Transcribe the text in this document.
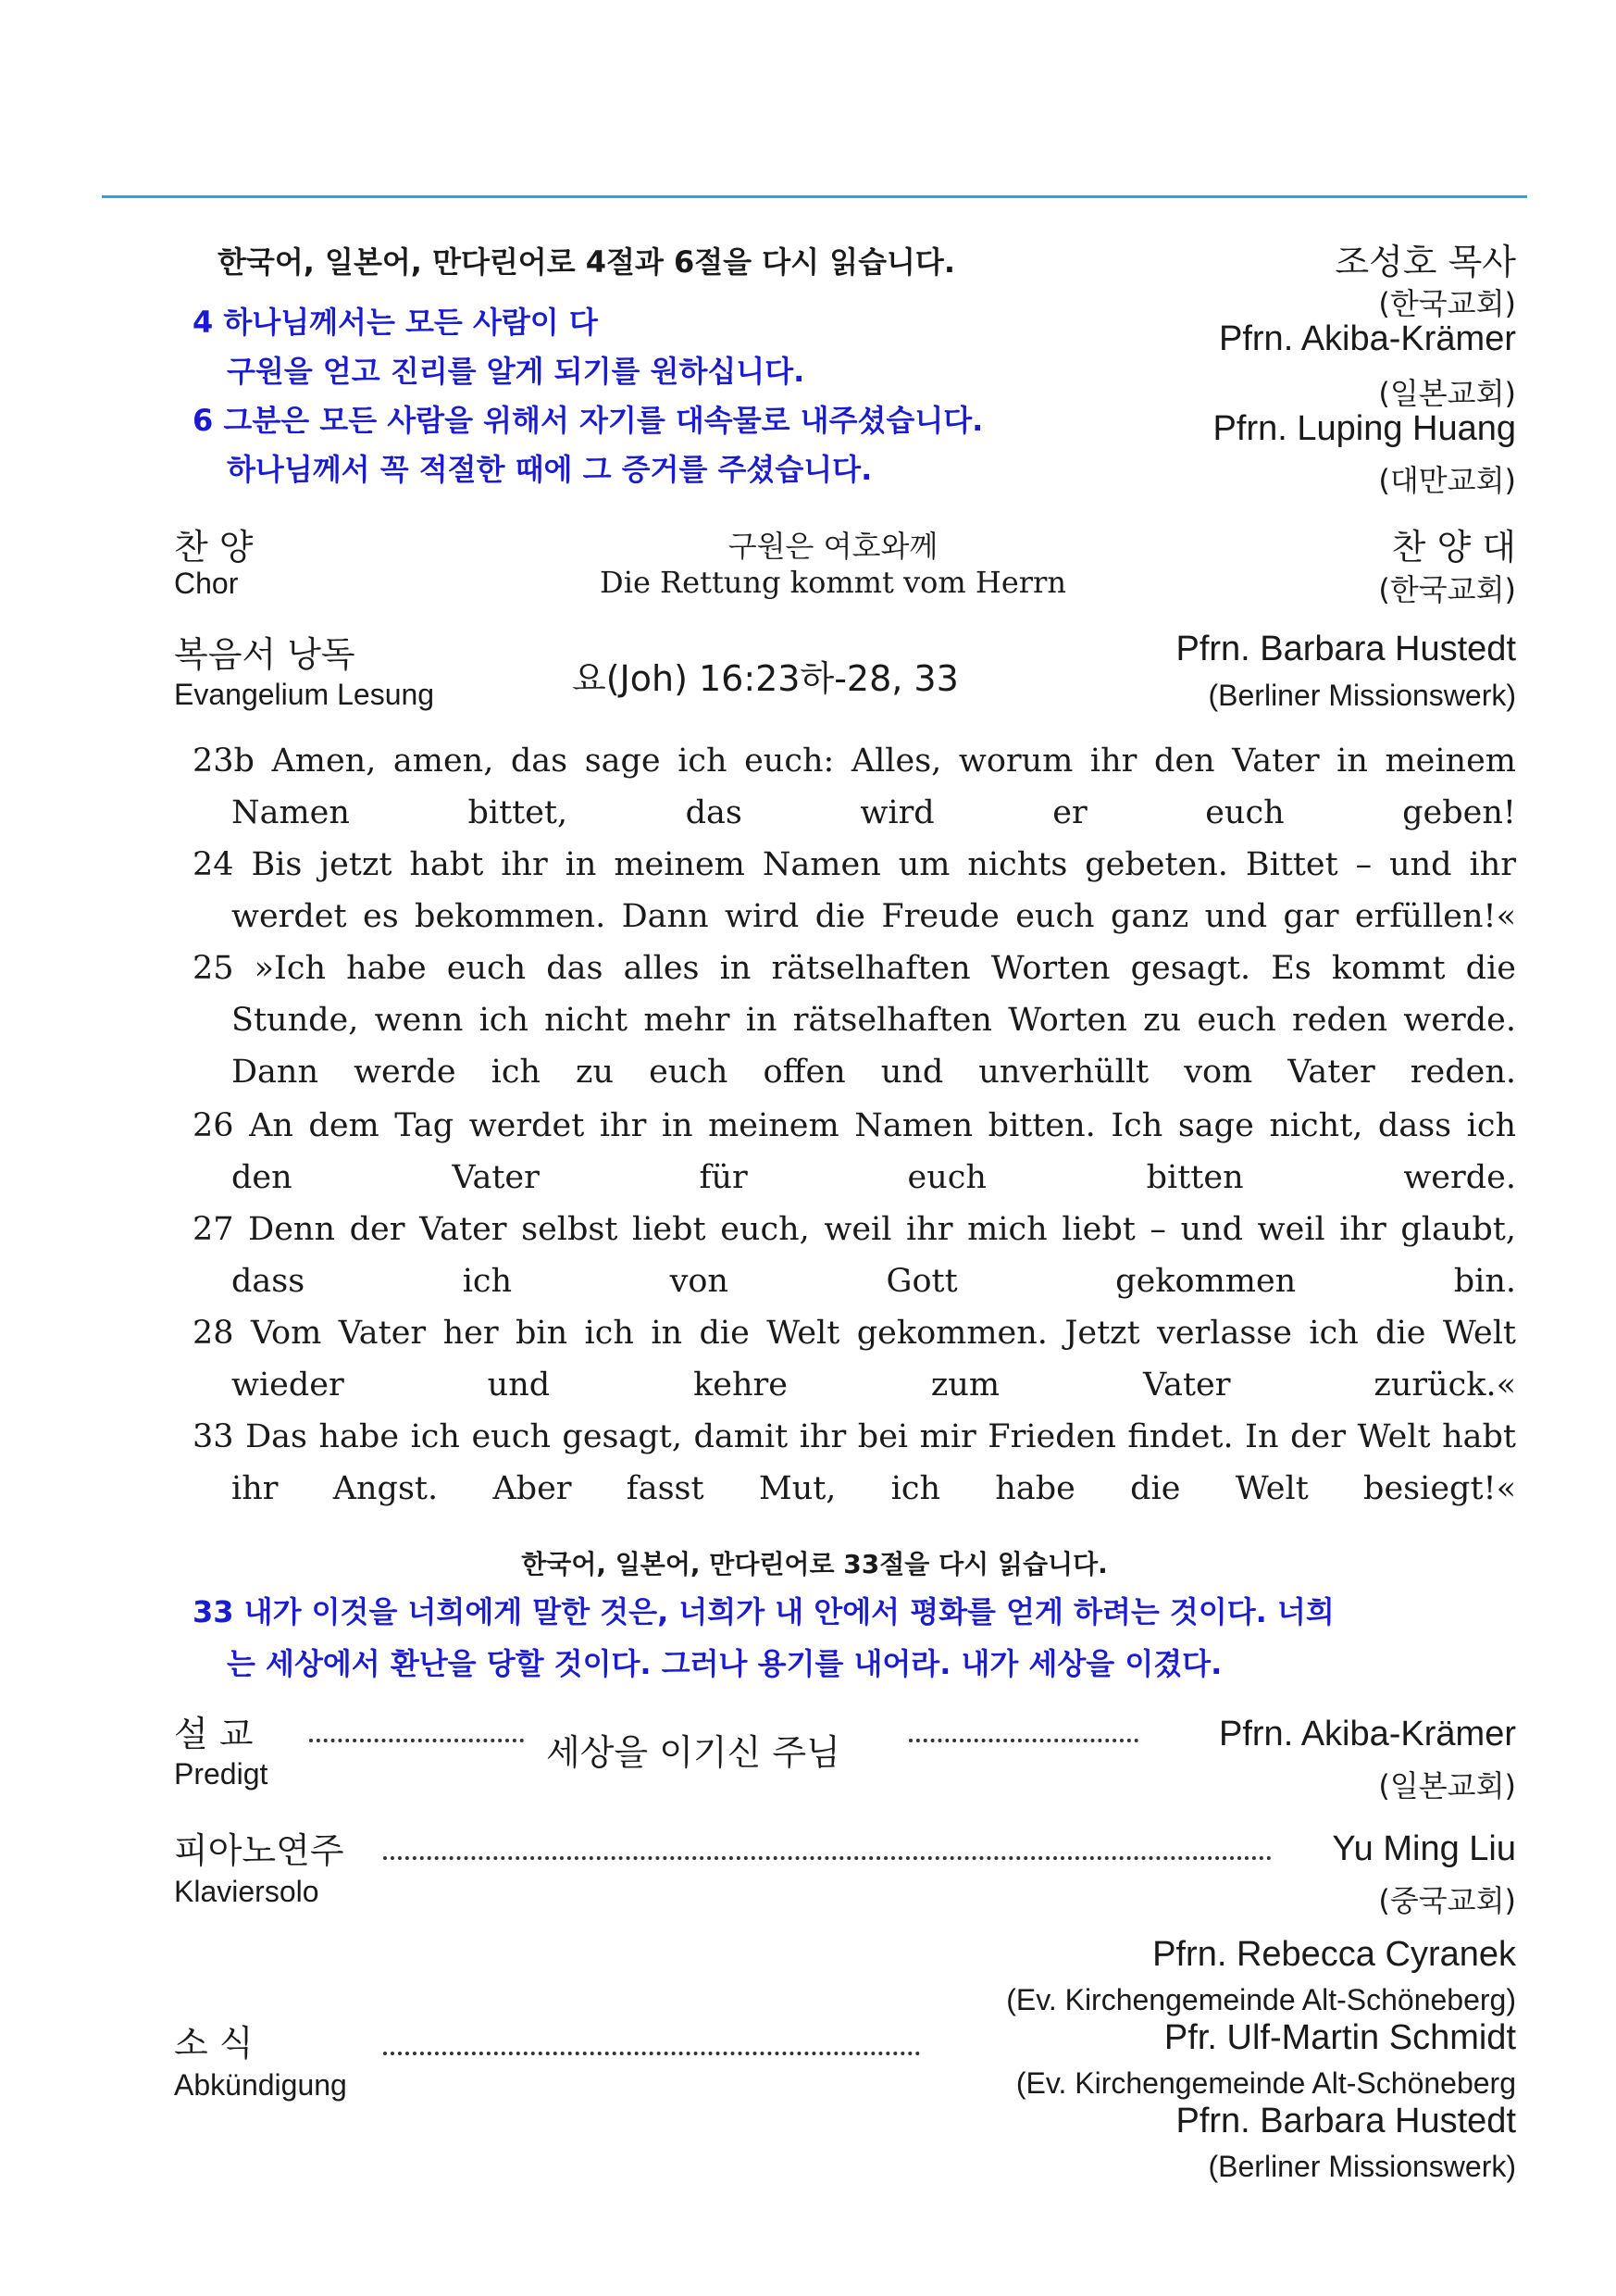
한국어, 일본어, 만다린어로 4절과 6절을 다시 읽습니다.
4 하나님께서는 모든 사람이 다
구원을 얻고 진리를 알게 되기를 원하십니다.
6 그분은 모든 사람을 위해서 자기를 대속물로 내주셨습니다.
하나님께서 꼭 적절한 때에 그 증거를 주셨습니다.
조성호 목사
(한국교회)
Pfrn. Akiba-Krämer
(일본교회)
Pfrn. Luping Huang
(대만교회)
찬 양
Chor
구원은 여호와께
Die Rettung kommt vom Herrn
찬 양 대
(한국교회)
복음서 낭독
Evangelium Lesung	요(Joh) 16:23하-28, 33
Pfrn. Barbara Hustedt
(Berliner Missionswerk)
23b Amen, amen, das sage ich euch: Alles, worum ihr den Vater in meinem Namen bittet, das wird er euch geben!
24 Bis jetzt habt ihr in meinem Namen um nichts gebeten. Bittet – und ihr werdet es bekommen. Dann wird die Freude euch ganz und gar erfüllen!«
25 »Ich habe euch das alles in rätselhaften Worten gesagt. Es kommt die Stunde, wenn ich nicht mehr in rätselhaften Worten zu euch reden werde. Dann werde ich zu euch offen und unverhüllt vom Vater reden.
26 An dem Tag werdet ihr in meinem Namen bitten. Ich sage nicht, dass ich den Vater für euch bitten werde.
27 Denn der Vater selbst liebt euch, weil ihr mich liebt – und weil ihr glaubt, dass ich von Gott gekommen bin.
28 Vom Vater her bin ich in die Welt gekommen. Jetzt verlasse ich die Welt wieder und kehre zum Vater zurück.«
33 Das habe ich euch gesagt, damit ihr bei mir Frieden findet. In der Welt habt ihr Angst. Aber fasst Mut, ich habe die Welt besiegt!«
한국어, 일본어, 만다린어로 33절을 다시 읽습니다.
33 내가 이것을 너희에게 말한 것은, 너희가 내 안에서 평화를 얻게 하려는 것이다. 너희
는 세상에서 환난을 당할 것이다. 그러나 용기를 내어라. 내가 세상을 이겼다.
설 교
Predigt
세상을 이기신 주님	Pfrn. Akiba-Krämer
(일본교회)
피아노연주
Klaviersolo
Yu Ming Liu
(중국교회)
소 식
Abkündigung
Pfrn. Rebecca Cyranek
(Ev. Kirchengemeinde Alt-Schöneberg)
Pfr. Ulf-Martin Schmidt
(Ev. Kirchengemeinde Alt-Schöneberg
Pfrn. Barbara Hustedt
(Berliner Missionswerk)
